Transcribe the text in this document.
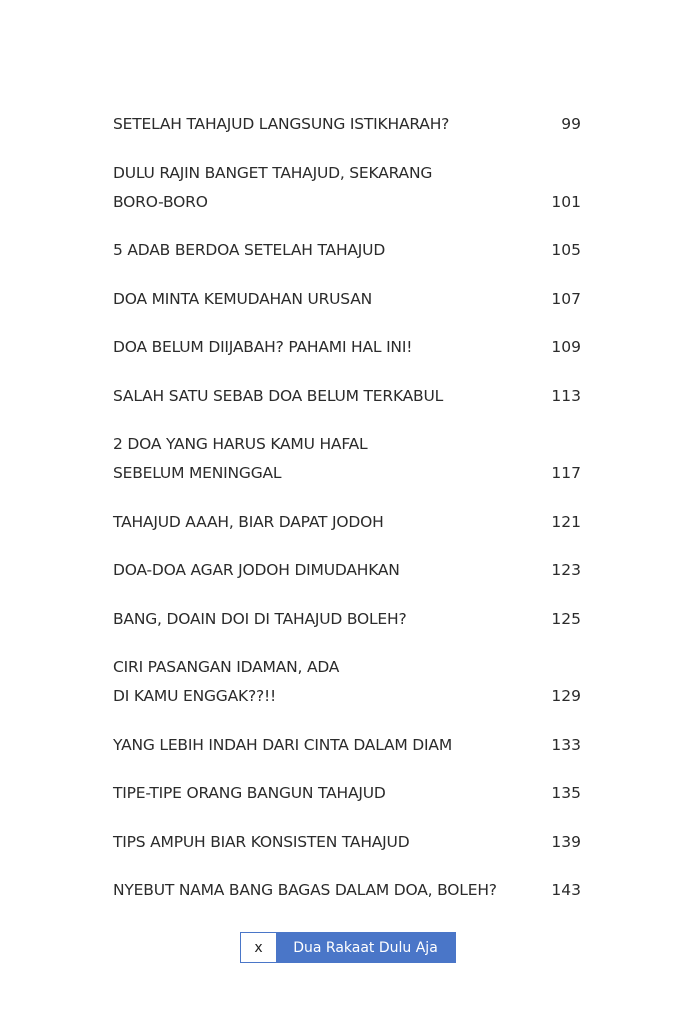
SETELAH TAHAJUD LANGSUNG ISTIKHARAH?	99
DULU RAJIN BANGET TAHAJUD, SEKARANG
BORO-BORO	101
5 ADAB BERDOA SETELAH TAHAJUD	105
DOA MINTA KEMUDAHAN URUSAN	107
DOA BELUM DIIJABAH? PAHAMI HAL INI!	109
SALAH SATU SEBAB DOA BELUM TERKABUL	113
2 DOA YANG HARUS KAMU HAFAL
SEBELUM MENINGGAL	117
TAHAJUD AAAH, BIAR DAPAT JODOH	121
DOA-DOA AGAR JODOH DIMUDAHKAN	123
BANG, DOAIN DOI DI TAHAJUD BOLEH?	125
CIRI PASANGAN IDAMAN, ADA
DI KAMU ENGGAK??!!	129
YANG LEBIH INDAH DARI CINTA DALAM DIAM	133
TIPE-TIPE ORANG BANGUN TAHAJUD	135
TIPS AMPUH BIAR KONSISTEN TAHAJUD	139
NYEBUT NAMA BANG BAGAS DALAM DOA, BOLEH?	143
x	Dua Rakaat Dulu Aja
